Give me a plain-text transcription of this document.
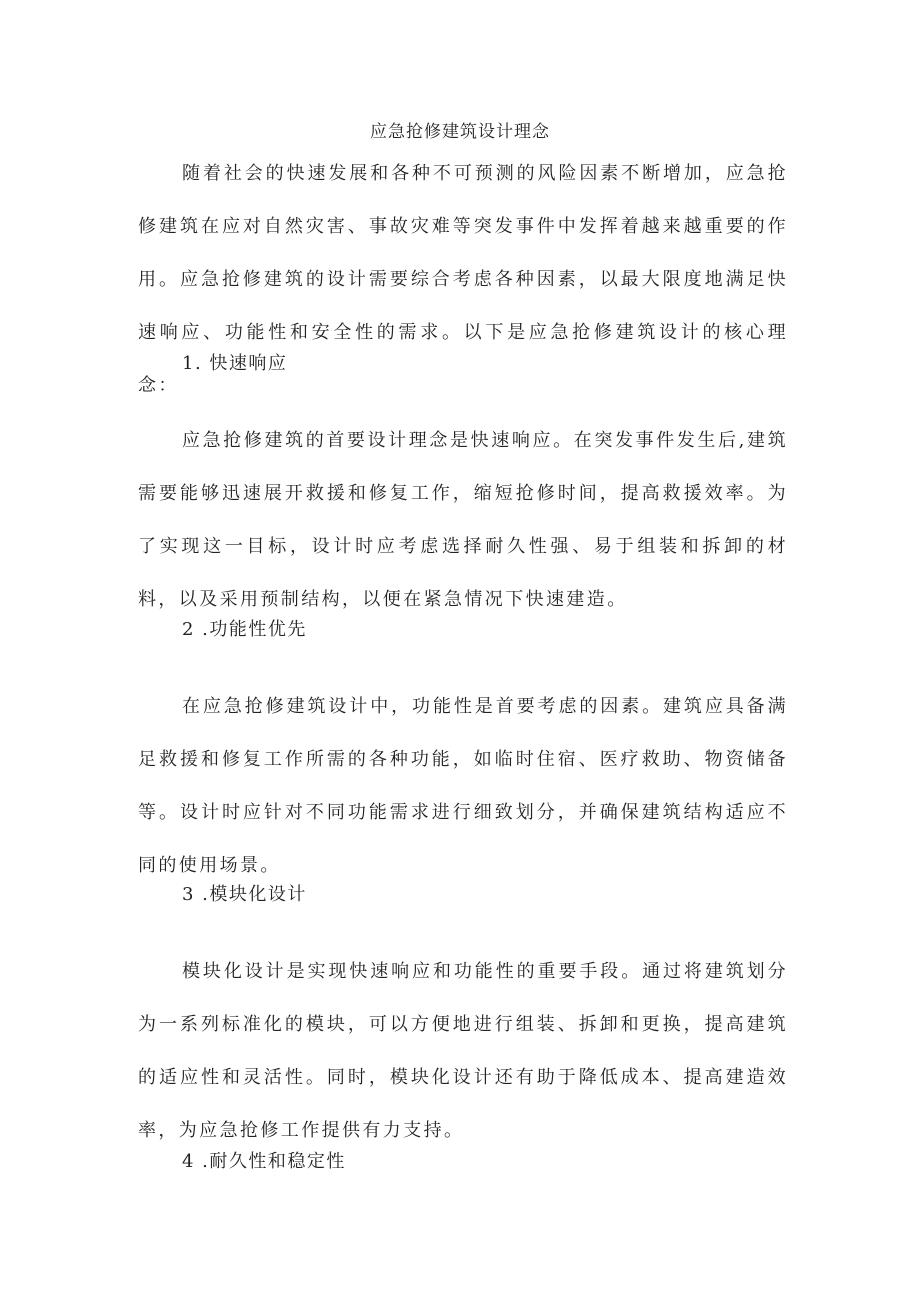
应急抢修建筑设计理念

随着社会的快速发展和各种不可预测的风险因素不断增加，应急抢修建筑在应对自然灾害、事故灾难等突发事件中发挥着越来越重要的作用。应急抢修建筑的设计需要综合考虑各种因素，以最大限度地满足快速响应、功能性和安全性的需求。以下是应急抢修建筑设计的核心理念：

1. 快速响应

应急抢修建筑的首要设计理念是快速响应。在突发事件发生后,建筑需要能够迅速展开救援和修复工作，缩短抢修时间，提高救援效率。为了实现这一目标，设计时应考虑选择耐久性强、易于组装和拆卸的材料，以及采用预制结构，以便在紧急情况下快速建造。

2 .功能性优先

在应急抢修建筑设计中，功能性是首要考虑的因素。建筑应具备满足救援和修复工作所需的各种功能，如临时住宿、医疗救助、物资储备等。设计时应针对不同功能需求进行细致划分，并确保建筑结构适应不同的使用场景。

3 .模块化设计

模块化设计是实现快速响应和功能性的重要手段。通过将建筑划分为一系列标准化的模块，可以方便地进行组装、拆卸和更换，提高建筑的适应性和灵活性。同时，模块化设计还有助于降低成本、提高建造效率，为应急抢修工作提供有力支持。

4 .耐久性和稳定性
